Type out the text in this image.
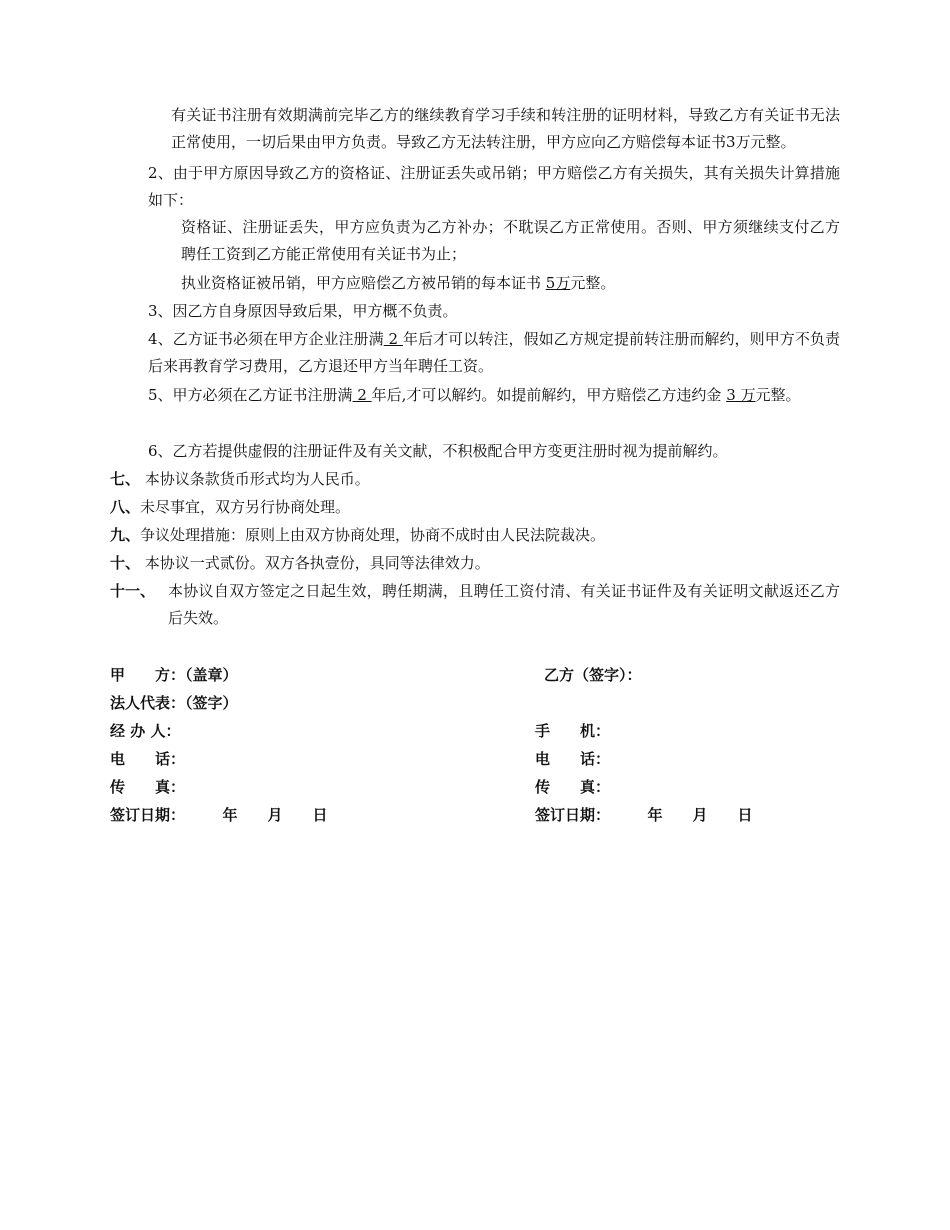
有关证书注册有效期满前完毕乙方的继续教育学习手续和转注册的证明材料，导致乙方有关证书无法正常使用，一切后果由甲方负责。导致乙方无法转注册，甲方应向乙方赔偿每本证书3万元整。

2、由于甲方原因导致乙方的资格证、注册证丢失或吊销；甲方赔偿乙方有关损失，其有关损失计算措施如下：

资格证、注册证丢失，甲方应负责为乙方补办；不耽误乙方正常使用。否则、甲方须继续支付乙方聘任工资到乙方能正常使用有关证书为止；

执业资格证被吊销，甲方应赔偿乙方被吊销的每本证书 5万元整。

3、因乙方自身原因导致后果，甲方概不负责。

4、乙方证书必须在甲方企业注册满 2 年后才可以转注，假如乙方规定提前转注册而解约，则甲方不负责后来再教育学习费用，乙方退还甲方当年聘任工资。

5、甲方必须在乙方证书注册满 2 年后,才可以解约。如提前解约，甲方赔偿乙方违约金 3 万元整。

6、乙方若提供虚假的注册证件及有关文献，不积极配合甲方变更注册时视为提前解约。

七、 本协议条款货币形式均为人民币。

八、未尽事宜，双方另行协商处理。

九、争议处理措施：原则上由双方协商处理，协商不成时由人民法院裁决。

十、 本协议一式贰份。双方各执壹份，具同等法律效力。

十一、 本协议自双方签定之日起生效，聘任期满，且聘任工资付清、有关证书证件及有关证明文献返还乙方后失效。
甲　　方：（盖章）	乙方（签字）：
法人代表：（签字）
经 办 人：	手　　机：
电　　话：	电　　话：
传　　真：	传　　真：
签订日期：　　　年　　月　　日	签订日期：　　　年　　月　　日
